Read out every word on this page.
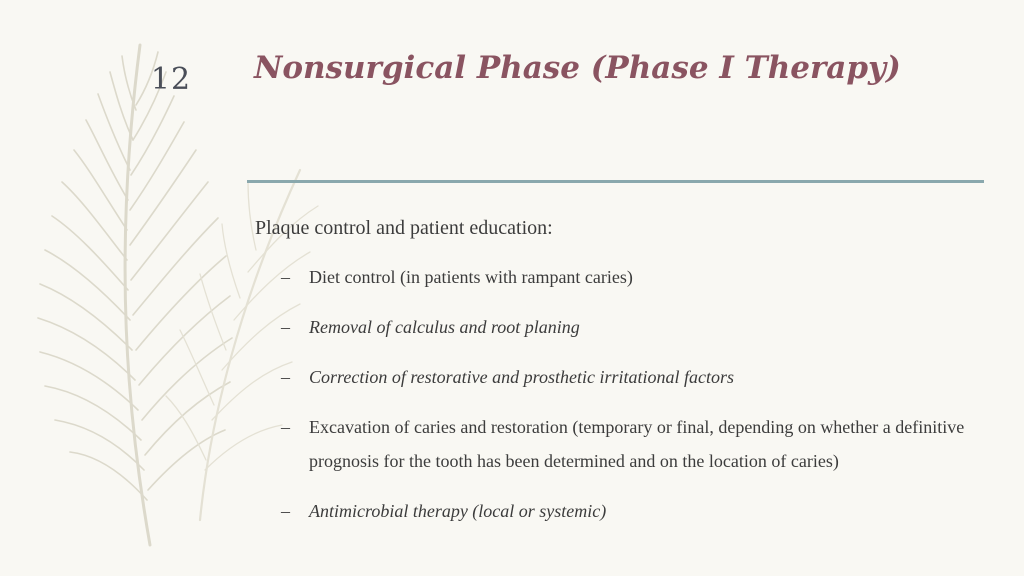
12	Nonsurgical Phase (Phase I Therapy)

Plaque control and patient education:

– Diet control (in patients with rampant caries)
– Removal of calculus and root planing
– Correction of restorative and prosthetic irritational factors
– Excavation of caries and restoration (temporary or final, depending on whether a definitive prognosis for the tooth has been determined and on the location of caries)
– Antimicrobial therapy (local or systemic)
